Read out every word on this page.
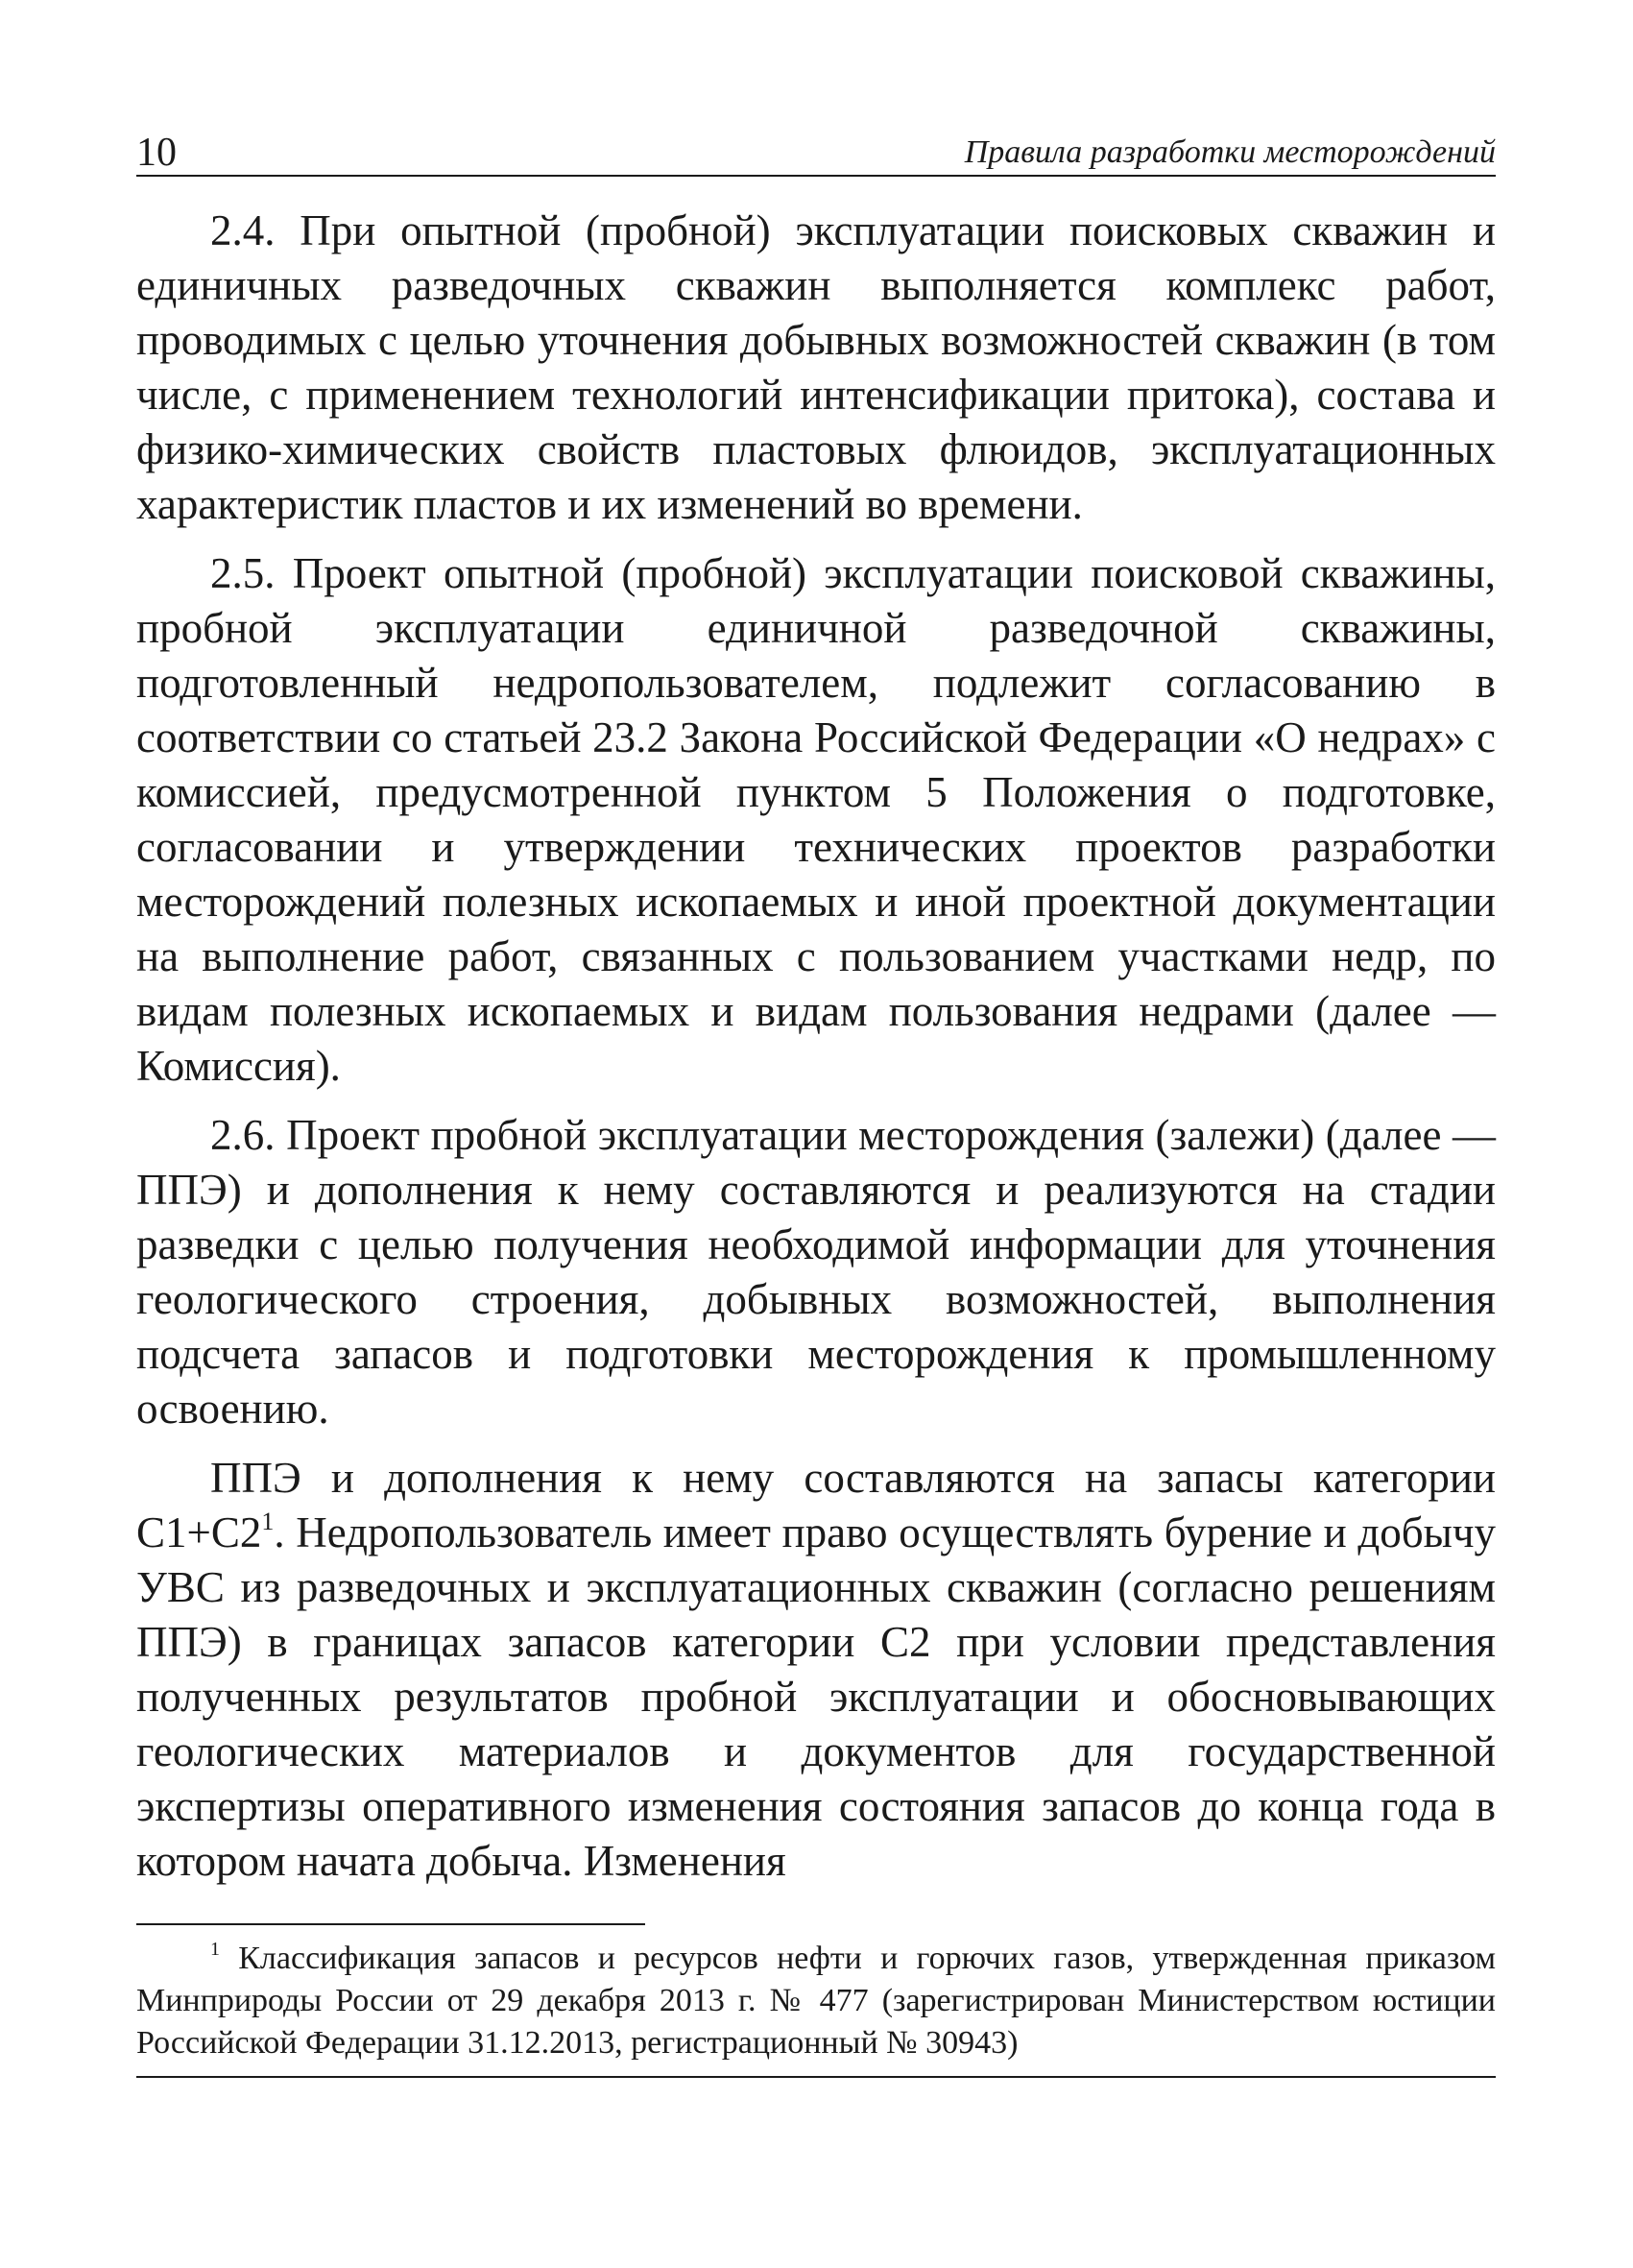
10	Правила разработки месторождений

2.4. При опытной (пробной) эксплуатации поисковых скважин и единичных разведочных скважин выполняется комплекс работ, проводимых с целью уточнения добывных возможностей скважин (в том числе, с применением технологий интенсификации притока), состава и физико-химических свойств пластовых флюидов, эксплуатационных характеристик пластов и их изменений во времени.

2.5. Проект опытной (пробной) эксплуатации поисковой скважины, пробной эксплуатации единичной разведочной скважины, подготовленный недропользователем, подлежит согласованию в соответствии со статьей 23.2 Закона Российской Федерации «О недрах» с комиссией, предусмотренной пунктом 5 Положения о подготовке, согласовании и утверждении технических проектов разработки месторождений полезных ископаемых и иной проектной документации на выполнение работ, связанных с пользованием участками недр, по видам полезных ископаемых и видам пользования недрами (далее — Комиссия).

2.6. Проект пробной эксплуатации месторождения (залежи) (далее — ППЭ) и дополнения к нему составляются и реализуются на стадии разведки с целью получения необходимой информации для уточнения геологического строения, добывных возможностей, выполнения подсчета запасов и подготовки месторождения к промышленному освоению.

ППЭ и дополнения к нему составляются на запасы категории С1+С2$^1$. Недропользователь имеет право осуществлять бурение и добычу УВС из разведочных и эксплуатационных скважин (согласно решениям ППЭ) в границах запасов категории С2 при условии представления полученных результатов пробной эксплуатации и обосновывающих геологических материалов и документов для государственной экспертизы оперативного изменения состояния запасов до конца года в котором начата добыча. Изменения

$^1$ Классификация запасов и ресурсов нефти и горючих газов, утвержденная приказом Минприроды России от 29 декабря 2013 г. № 477 (зарегистрирован Министерством юстиции Российской Федерации 31.12.2013, регистрационный № 30943)
